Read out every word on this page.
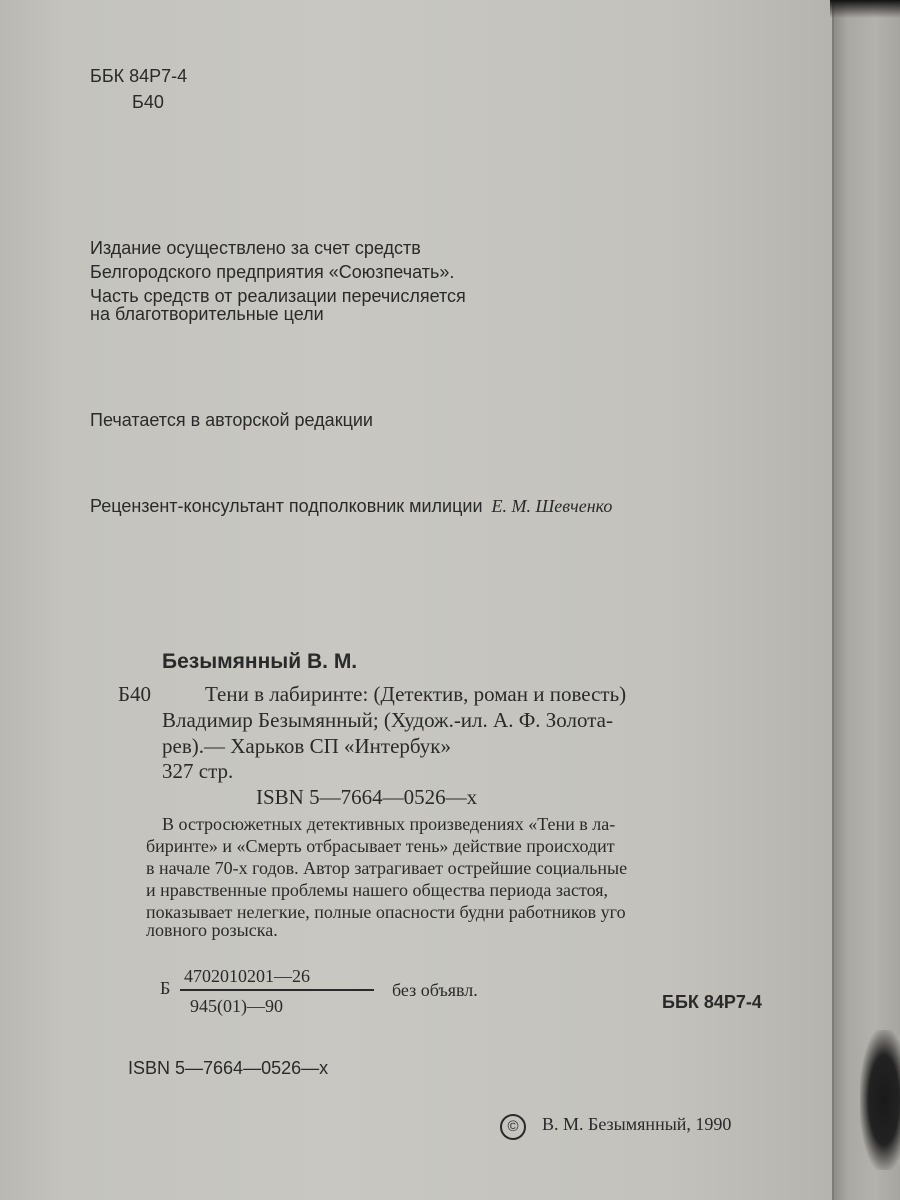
ББК 84Р7-4
Б40
Издание осуществлено за счет средств
Белгородского предприятия «Союзпечать».
Часть средств от реализации перечисляется
на благотворительные цели
Печатается в авторской редакции
Рецензент-консультант подполковник милиции Е. М. Шевченко
Безымянный В. М.
Б40	Тени в лабиринте: (Детектив, роман и повесть)
Владимир Безымянный; (Худож.-ил. А. Ф. Золота-
рев).— Харьков СП «Интербук»
327 стр.
ISBN 5—7664—0526—x
В остросюжетных детективных произведениях «Тени в ла-
биринте» и «Смерть отбрасывает тень» действие происходит
в начале 70-х годов. Автор затрагивает острейшие социальные
и нравственные проблемы нашего общества периода застоя,
показывает нелегкие, полные опасности будни работников уго
ловного розыска.
Б
4702010201—26
945(01)—90
без объявл.
ББК 84Р7-4
ISBN 5—7664—0526—x
©	В. М. Безымянный, 1990
